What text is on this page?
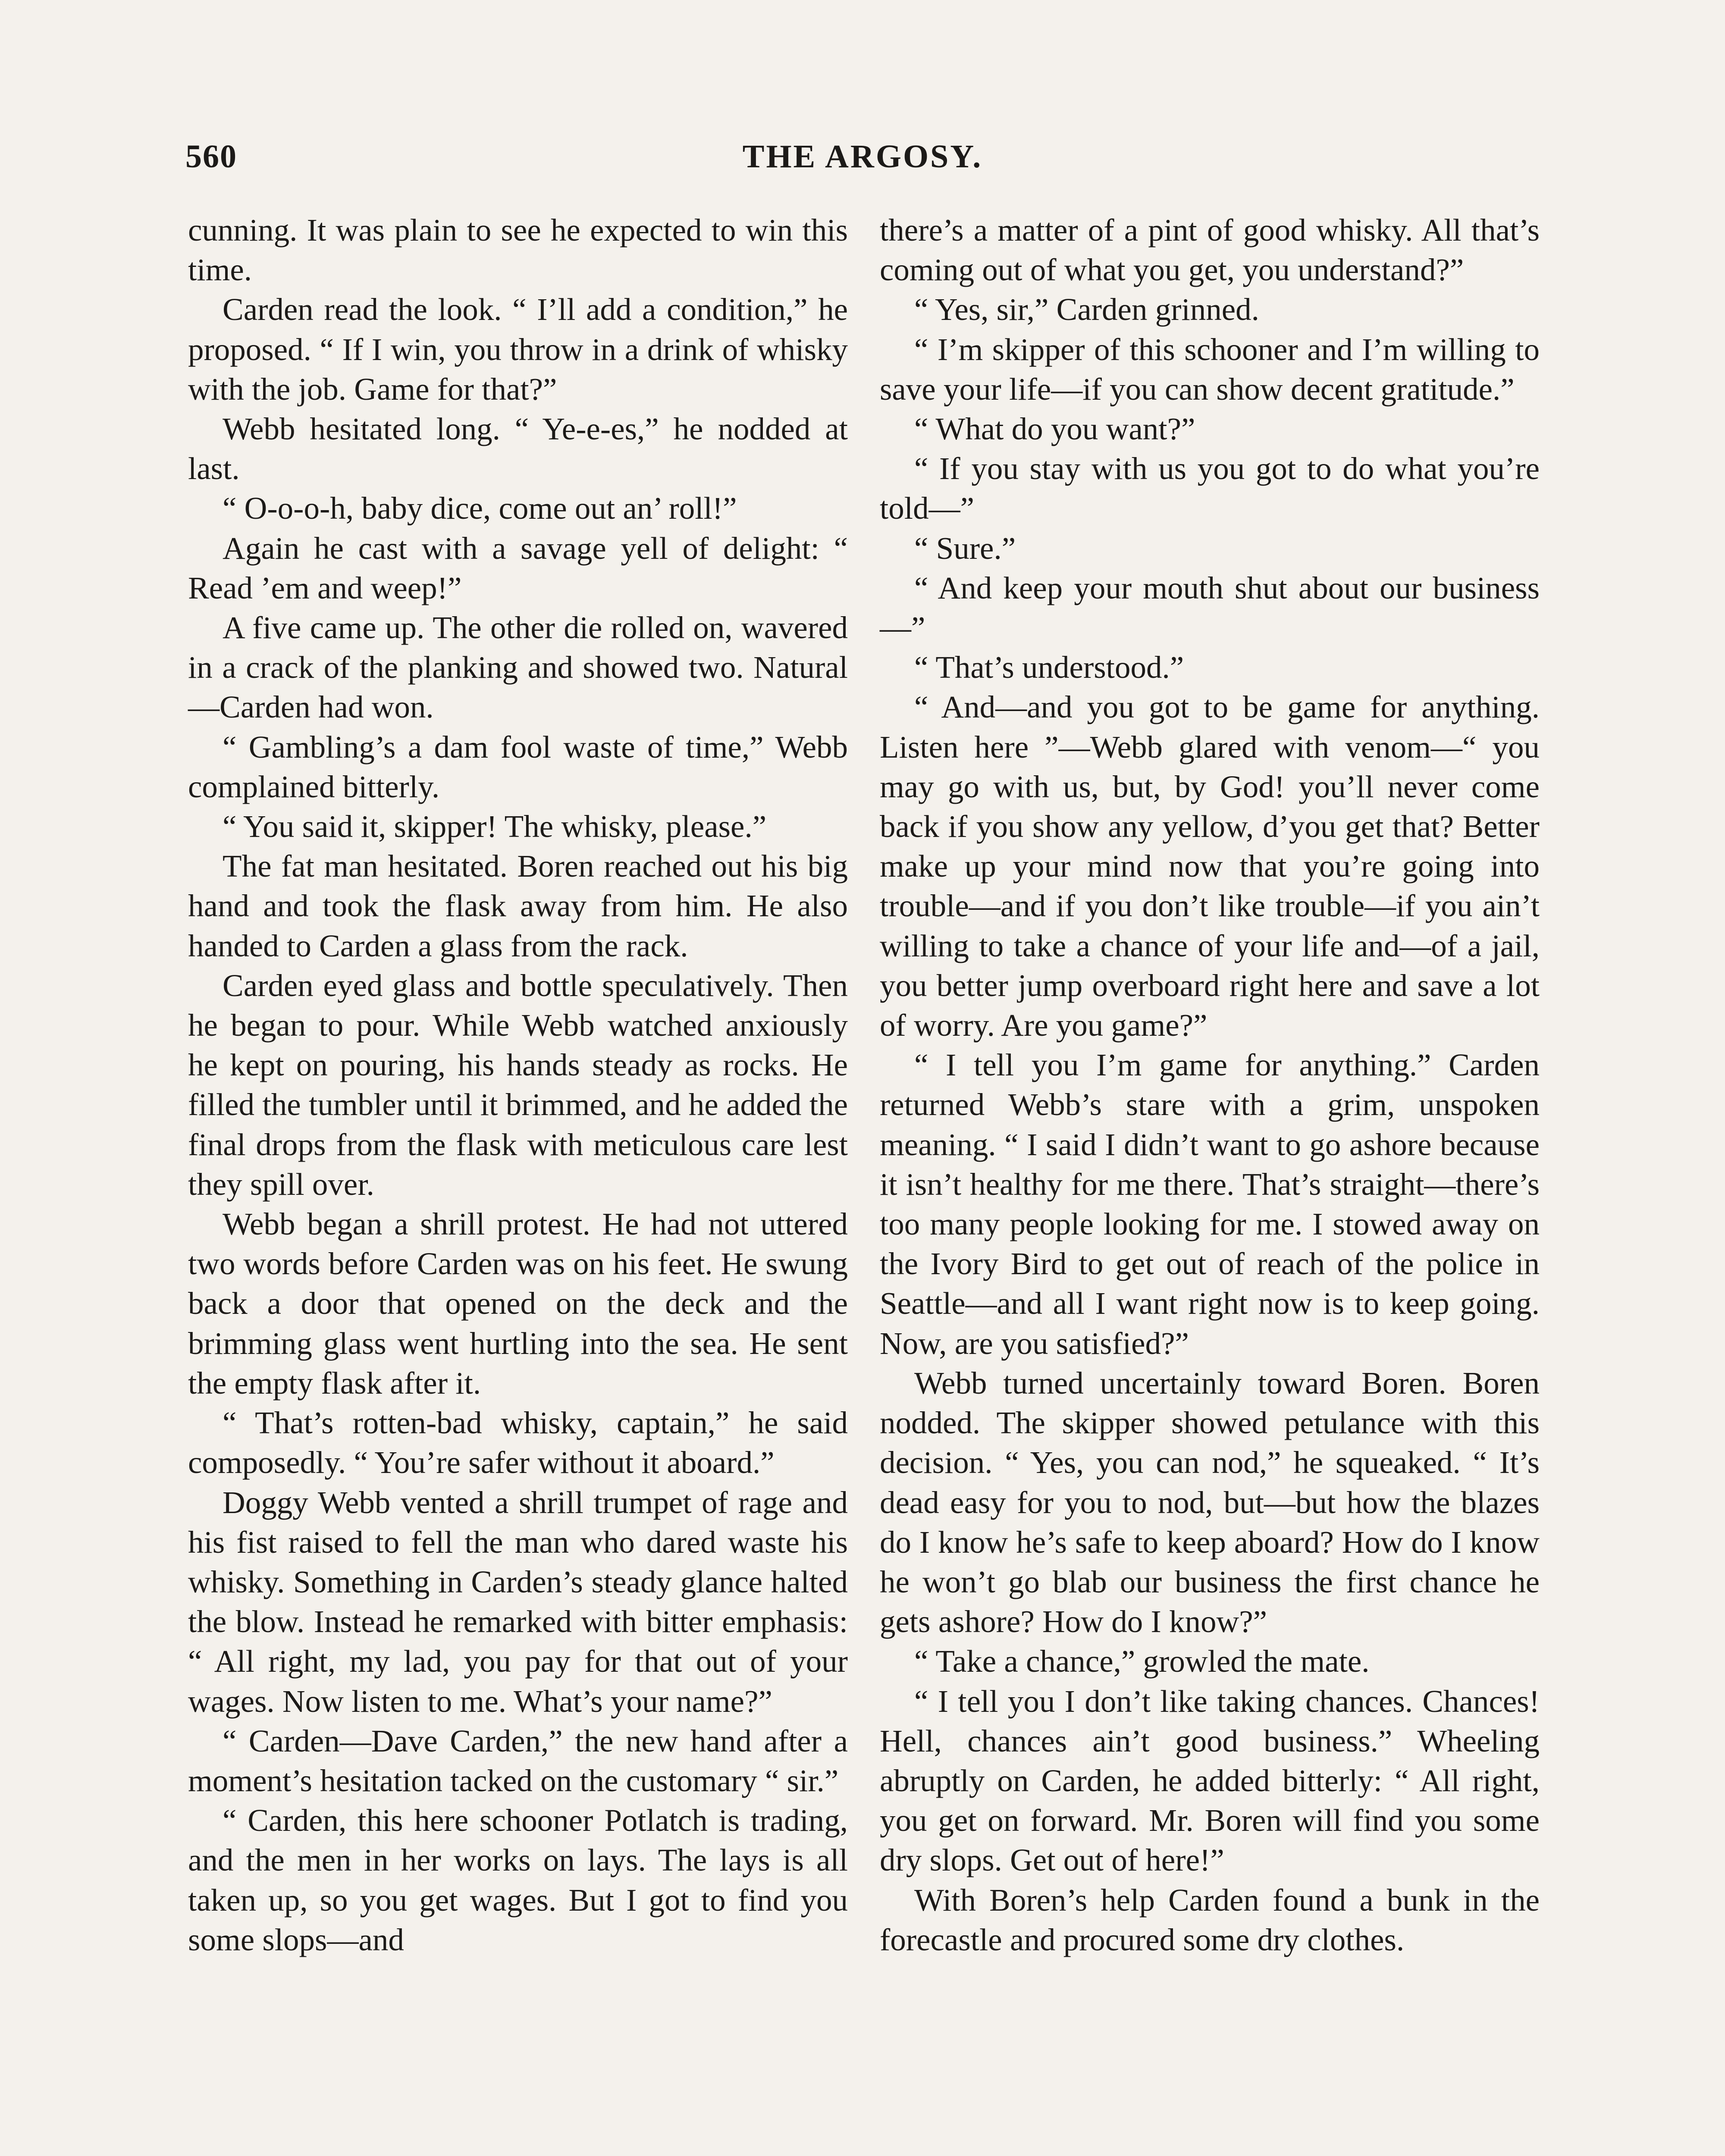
560	THE ARGOSY.

cunning. It was plain to see he expected to win this time.

Carden read the look. “ I’ll add a condition,” he proposed. “ If I win, you throw in a drink of whisky with the job. Game for that?”

Webb hesitated long. “ Ye-e-es,” he nodded at last.

“ O-o-o-h, baby dice, come out an’ roll!”

Again he cast with a savage yell of delight: “ Read ’em and weep!”

A five came up. The other die rolled on, wavered in a crack of the planking and showed two. Natural—Carden had won.

“ Gambling’s a dam fool waste of time,” Webb complained bitterly.

“ You said it, skipper! The whisky, please.”

The fat man hesitated. Boren reached out his big hand and took the flask away from him. He also handed to Carden a glass from the rack.

Carden eyed glass and bottle speculatively. Then he began to pour. While Webb watched anxiously he kept on pouring, his hands steady as rocks. He filled the tumbler until it brimmed, and he added the final drops from the flask with meticulous care lest they spill over.

Webb began a shrill protest. He had not uttered two words before Carden was on his feet. He swung back a door that opened on the deck and the brimming glass went hurtling into the sea. He sent the empty flask after it.

“ That’s rotten-bad whisky, captain,” he said composedly. “ You’re safer without it aboard.”

Doggy Webb vented a shrill trumpet of rage and his fist raised to fell the man who dared waste his whisky. Something in Carden’s steady glance halted the blow. Instead he remarked with bitter emphasis: “ All right, my lad, you pay for that out of your wages. Now listen to me. What’s your name?”

“ Carden—Dave Carden,” the new hand after a moment’s hesitation tacked on the customary “ sir.”

“ Carden, this here schooner Potlatch is trading, and the men in her works on lays. The lays is all taken up, so you get wages. But I got to find you some slops—and

there’s a matter of a pint of good whisky. All that’s coming out of what you get, you understand?”

“ Yes, sir,” Carden grinned.

“ I’m skipper of this schooner and I’m willing to save your life—if you can show decent gratitude.”

“ What do you want?”

“ If you stay with us you got to do what you’re told—”

“ Sure.”

“ And keep your mouth shut about our business—”

“ That’s understood.”

“ And—and you got to be game for anything. Listen here ”—Webb glared with venom—“ you may go with us, but, by God! you’ll never come back if you show any yellow, d’you get that? Better make up your mind now that you’re going into trouble—and if you don’t like trouble—if you ain’t willing to take a chance of your life and—of a jail, you better jump overboard right here and save a lot of worry. Are you game?”

“ I tell you I’m game for anything.” Carden returned Webb’s stare with a grim, unspoken meaning. “ I said I didn’t want to go ashore because it isn’t healthy for me there. That’s straight—there’s too many people looking for me. I stowed away on the Ivory Bird to get out of reach of the police in Seattle—and all I want right now is to keep going. Now, are you satisfied?”

Webb turned uncertainly toward Boren. Boren nodded. The skipper showed petulance with this decision. “ Yes, you can nod,” he squeaked. “ It’s dead easy for you to nod, but—but how the blazes do I know he’s safe to keep aboard? How do I know he won’t go blab our business the first chance he gets ashore? How do I know?”

“ Take a chance,” growled the mate.

“ I tell you I don’t like taking chances. Chances! Hell, chances ain’t good business.” Wheeling abruptly on Carden, he added bitterly: “ All right, you get on forward. Mr. Boren will find you some dry slops. Get out of here!”

With Boren’s help Carden found a bunk in the forecastle and procured some dry clothes.
